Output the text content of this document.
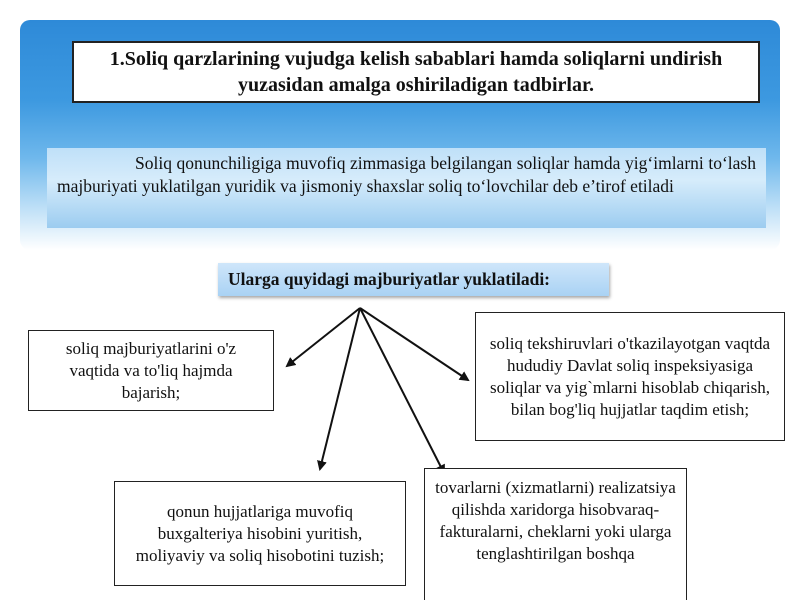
1.Soliq qarzlarining vujudga kelish sabablari hamda soliqlarni undirish yuzasidan amalga oshiriladigan tadbirlar.
Soliq qonunchiligiga muvofiq zimmasiga belgilangan soliqlar hamda yig‘imlarni to‘lash majburiyati yuklatilgan yuridik va jismoniy shaxslar soliq to‘lovchilar deb e’tirof etiladi
Ularga quyidagi majburiyatlar yuklatiladi:
soliq majburiyatlarini o'z vaqtida va to'liq hajmda bajarish;
soliq tekshiruvlari o'tkazilayotgan vaqtda hududiy Davlat soliq inspeksiyasiga soliqlar va yig`mlarni hisoblab chiqarish, bilan bog'liq hujjatlar taqdim etish;
qonun hujjatlariga muvofiq buxgalteriya hisobini yuritish, moliyaviy va soliq hisobotini tuzish;
tovarlarni (xizmatlarni) realizatsiya qilishda xaridorga hisobvaraq-fakturalarni, cheklarni yoki ularga tenglashtirilgan boshqa
